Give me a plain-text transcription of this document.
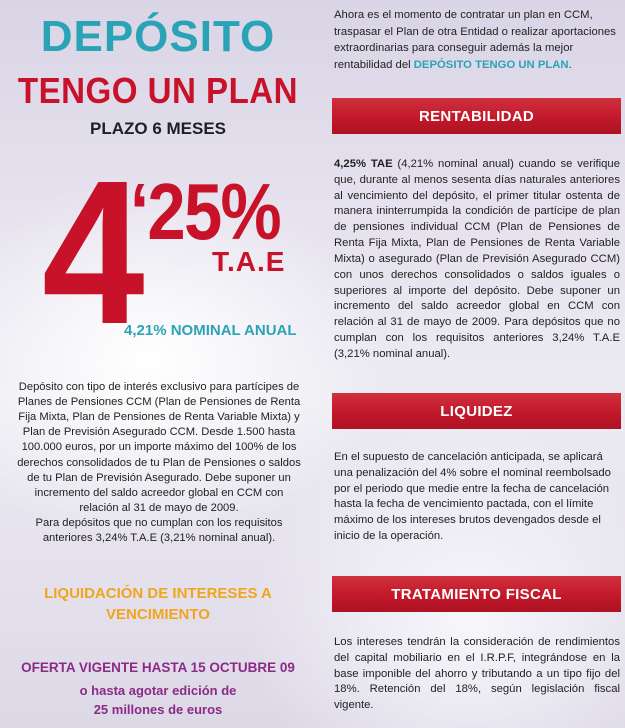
DEPÓSITO
TENGO UN PLAN
PLAZO 6 MESES
4
‘25%
T.A.E
4,21% NOMINAL ANUAL

Depósito con tipo de interés exclusivo para partícipes de Planes de Pensiones CCM (Plan de Pensiones de Renta Fija Mixta, Plan de Pensiones de Renta Variable Mixta) y Plan de Previsión Asegurado CCM. Desde 1.500 hasta 100.000 euros, por un importe máximo del 100% de los derechos consolidados de tu Plan de Pensiones o saldos de tu Plan de Previsión Asegurado. Debe suponer un incremento del saldo acreedor global en CCM con relación al 31 de mayo de 2009.

Para depósitos que no cumplan con los requisitos anteriores 3,24% T.A.E (3,21% nominal anual).

LIQUIDACIÓN DE INTERESES A
VENCIMIENTO
OFERTA VIGENTE HASTA 15 OCTUBRE 09
o hasta agotar edición de
25 millones de euros
Ahora es el momento de contratar un plan en CCM, traspasar el Plan de otra Entidad o realizar aportaciones extraordinarias para conseguir además la mejor rentabilidad del DEPÓSITO TENGO UN PLAN.
RENTABILIDAD
4,25% TAE (4,21% nominal anual) cuando se verifique que, durante al menos sesenta días naturales anteriores al vencimiento del depósito, el primer titular ostenta de manera ininterrumpida la condición de partícipe de plan de pensiones individual CCM (Plan de Pensiones de Renta Fija Mixta, Plan de Pensiones de Renta Variable Mixta) o asegurado (Plan de Previsión Asegurado CCM) con unos derechos consolidados o saldos iguales o superiores al importe del depósito. Debe suponer un incremento del saldo acreedor global en CCM con relación al 31 de mayo de 2009. Para depósitos que no cumplan con los requisitos anteriores 3,24% T.A.E (3,21% nominal anual).
LIQUIDEZ
En el supuesto de cancelación anticipada, se aplicará una penalización del 4% sobre el nominal reembolsado por el periodo que medie entre la fecha de cancelación hasta la fecha de vencimiento pactada, con el límite máximo de los intereses brutos devengados desde el inicio de la operación.
TRATAMIENTO FISCAL
Los intereses tendrán la consideración de rendimientos del capital mobiliario en el I.R.P.F, integrándose en la base imponible del ahorro y tributando a un tipo fijo del 18%. Retención del 18%, según legislación fiscal vigente.
